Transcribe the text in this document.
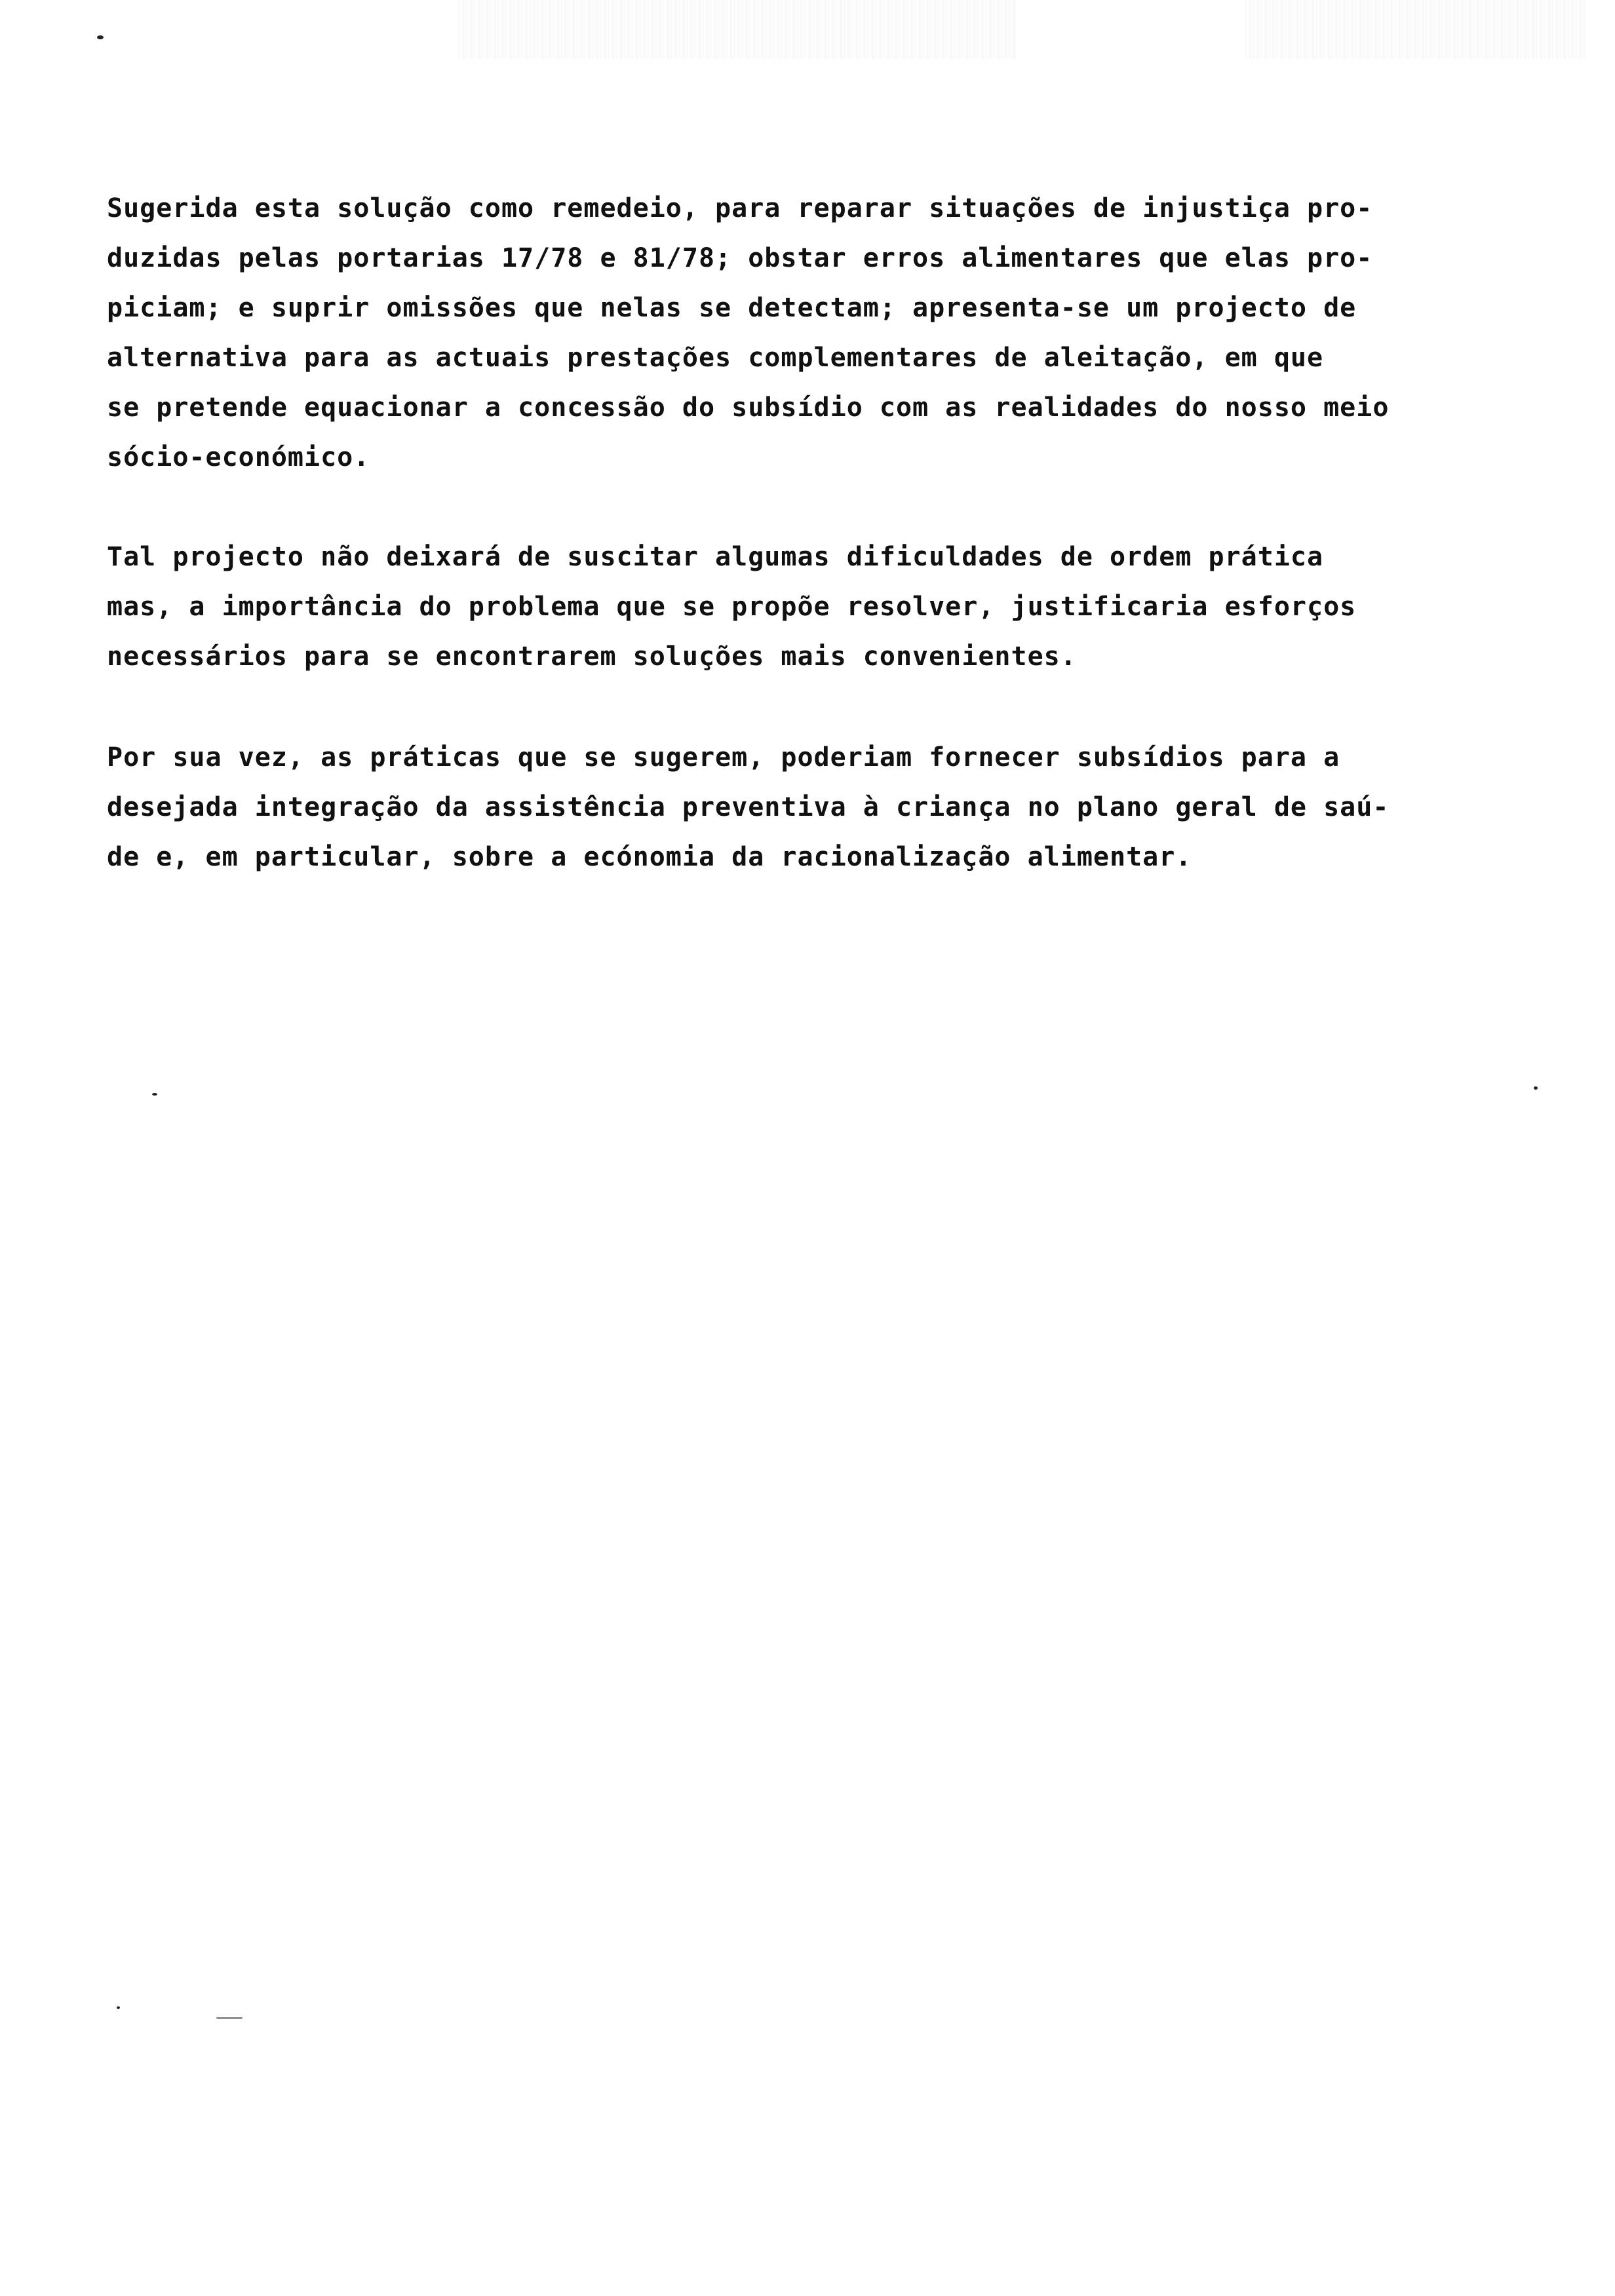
Sugerida esta solução como remedeio, para reparar situações de injustiça pro-
duzidas pelas portarias 17/78 e 81/78; obstar erros alimentares que elas pro-
piciam; e suprir omissões que nelas se detectam; apresenta-se um projecto de
alternativa para as actuais prestações complementares de aleitação, em que
se pretende equacionar a concessão do subsídio com as realidades do nosso meio
sócio-económico.
Tal projecto não deixará de suscitar algumas dificuldades de ordem prática
mas, a importância do problema que se propõe resolver, justificaria esforços
necessários para se encontrarem soluções mais convenientes.
Por sua vez, as práticas que se sugerem, poderiam fornecer subsídios para a
desejada integração da assistência preventiva à criança no plano geral de saú-
de e, em particular, sobre a ecónomia da racionalização alimentar.
